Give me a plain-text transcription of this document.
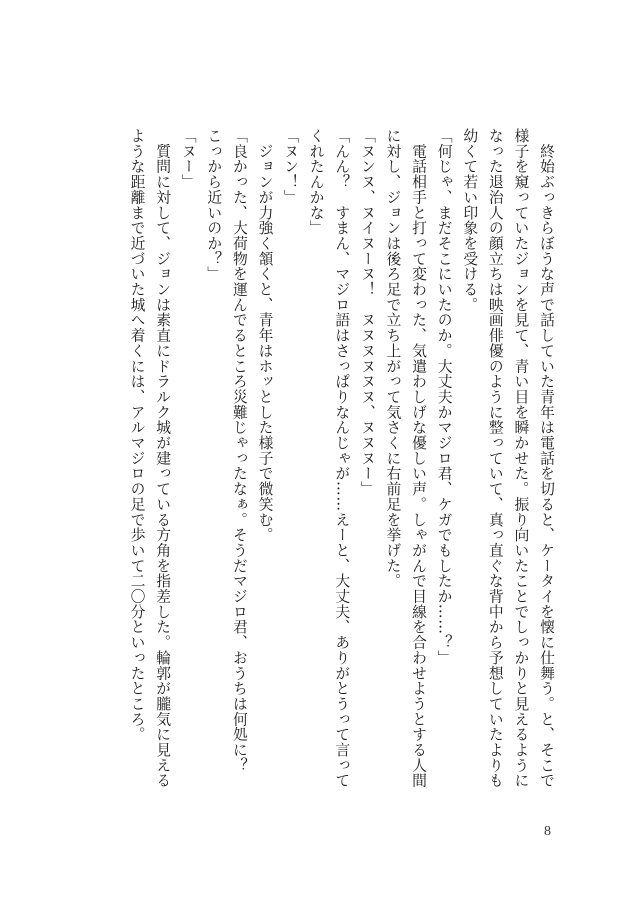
　終始ぶっきらぼうな声で話していた青年は電話を切ると、ケータイを懐に仕舞う。と、そこで
様子を窺っていたジョンを見て、青い目を瞬かせた。振り向いたことでしっかりと見えるように
なった退治人の顔立ちは映画俳優のように整っていて、真っ直ぐな背中から予想していたよりも
幼くて若い印象を受ける。
「何じゃ、まだそこにいたのか。大丈夫かマジロ君、ケガでもしたか……？」
　電話相手と打って変わった、気遣わしげな優しい声。しゃがんで目線を合わせようとする人間
に対し、ジョンは後ろ足で立ち上がって気さくに右前足を挙げた。
「ヌンヌ、ヌイヌーヌ！　ヌヌヌヌヌヌ、ヌヌヌー」
「んん？　すまん、マジロ語はさっぱりなんじゃが……えーと、大丈夫、ありがとうって言って
くれたんかな」
「ヌン！」
　ジョンが力強く頷くと、青年はホッとした様子で微笑む。
「良かった、大荷物を運んでるところ災難じゃったなぁ。そうだマジロ君、おうちは何処に？
こっから近いのか？」
「ヌー」
　質問に対して、ジョンは素直にドラルク城が建っている方角を指差した。輪郭が朧気に見える
ような距離まで近づいた城へ着くには、アルマジロの足で歩いて二〇分といったところ。
8
